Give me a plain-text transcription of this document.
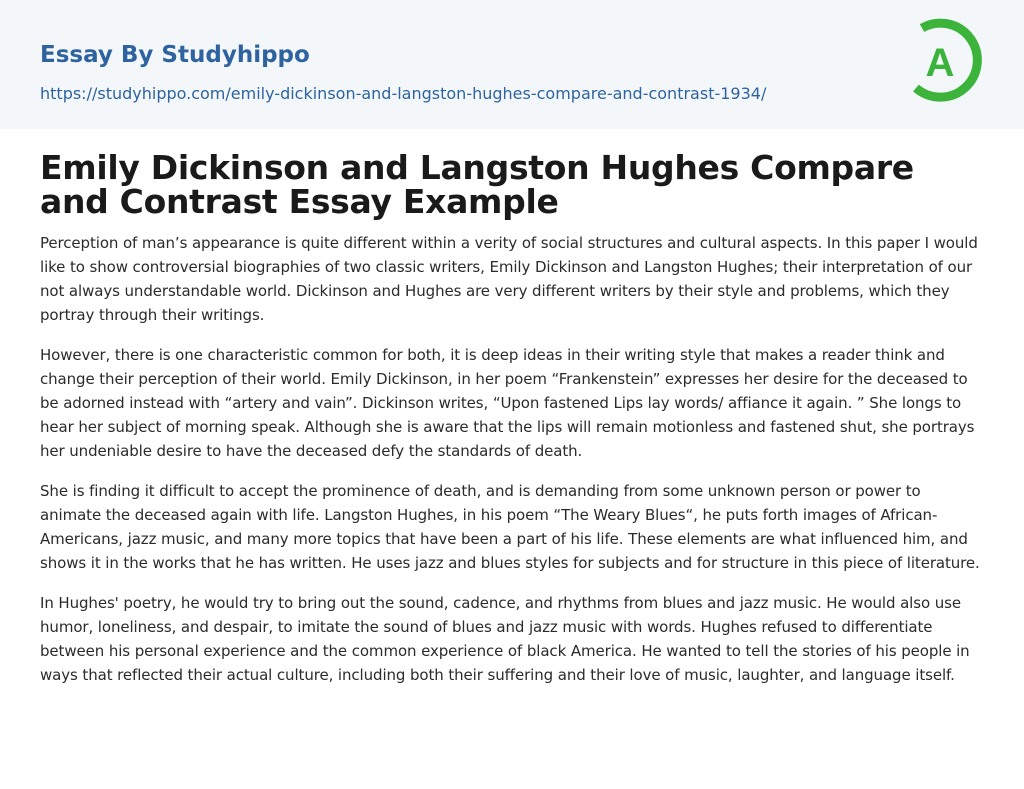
Essay By Studyhippo
https://studyhippo.com/emily-dickinson-and-langston-hughes-compare-and-contrast-1934/
A
Emily Dickinson and Langston Hughes Compare and Contrast Essay Example

Perception of man’s appearance is quite different within a verity of social structures and cultural aspects. In this paper I would like to show controversial biographies of two classic writers, Emily Dickinson and Langston Hughes; their interpretation of our not always understandable world. Dickinson and Hughes are very different writers by their style and problems, which they portray through their writings.

However, there is one characteristic common for both, it is deep ideas in their writing style that makes a reader think and change their perception of their world. Emily Dickinson, in her poem “Frankenstein” expresses her desire for the deceased to be adorned instead with “artery and vain”. Dickinson writes, “Upon fastened Lips lay words/ affiance it again. ” She longs to hear her subject of morning speak. Although she is aware that the lips will remain motionless and fastened shut, she portrays her undeniable desire to have the deceased defy the standards of death.

She is finding it difficult to accept the prominence of death, and is demanding from some unknown person or power to animate the deceased again with life. Langston Hughes, in his poem “The Weary Blues“, he puts forth images of African-Americans, jazz music, and many more topics that have been a part of his life. These elements are what influenced him, and shows it in the works that he has written. He uses jazz and blues styles for subjects and for structure in this piece of literature.

In Hughes' poetry, he would try to bring out the sound, cadence, and rhythms from blues and jazz music. He would also use humor, loneliness, and despair, to imitate the sound of blues and jazz music with words. Hughes refused to differentiate between his personal experience and the common experience of black America. He wanted to tell the stories of his people in ways that reflected their actual culture, including both their suffering and their love of music, laughter, and language itself.
